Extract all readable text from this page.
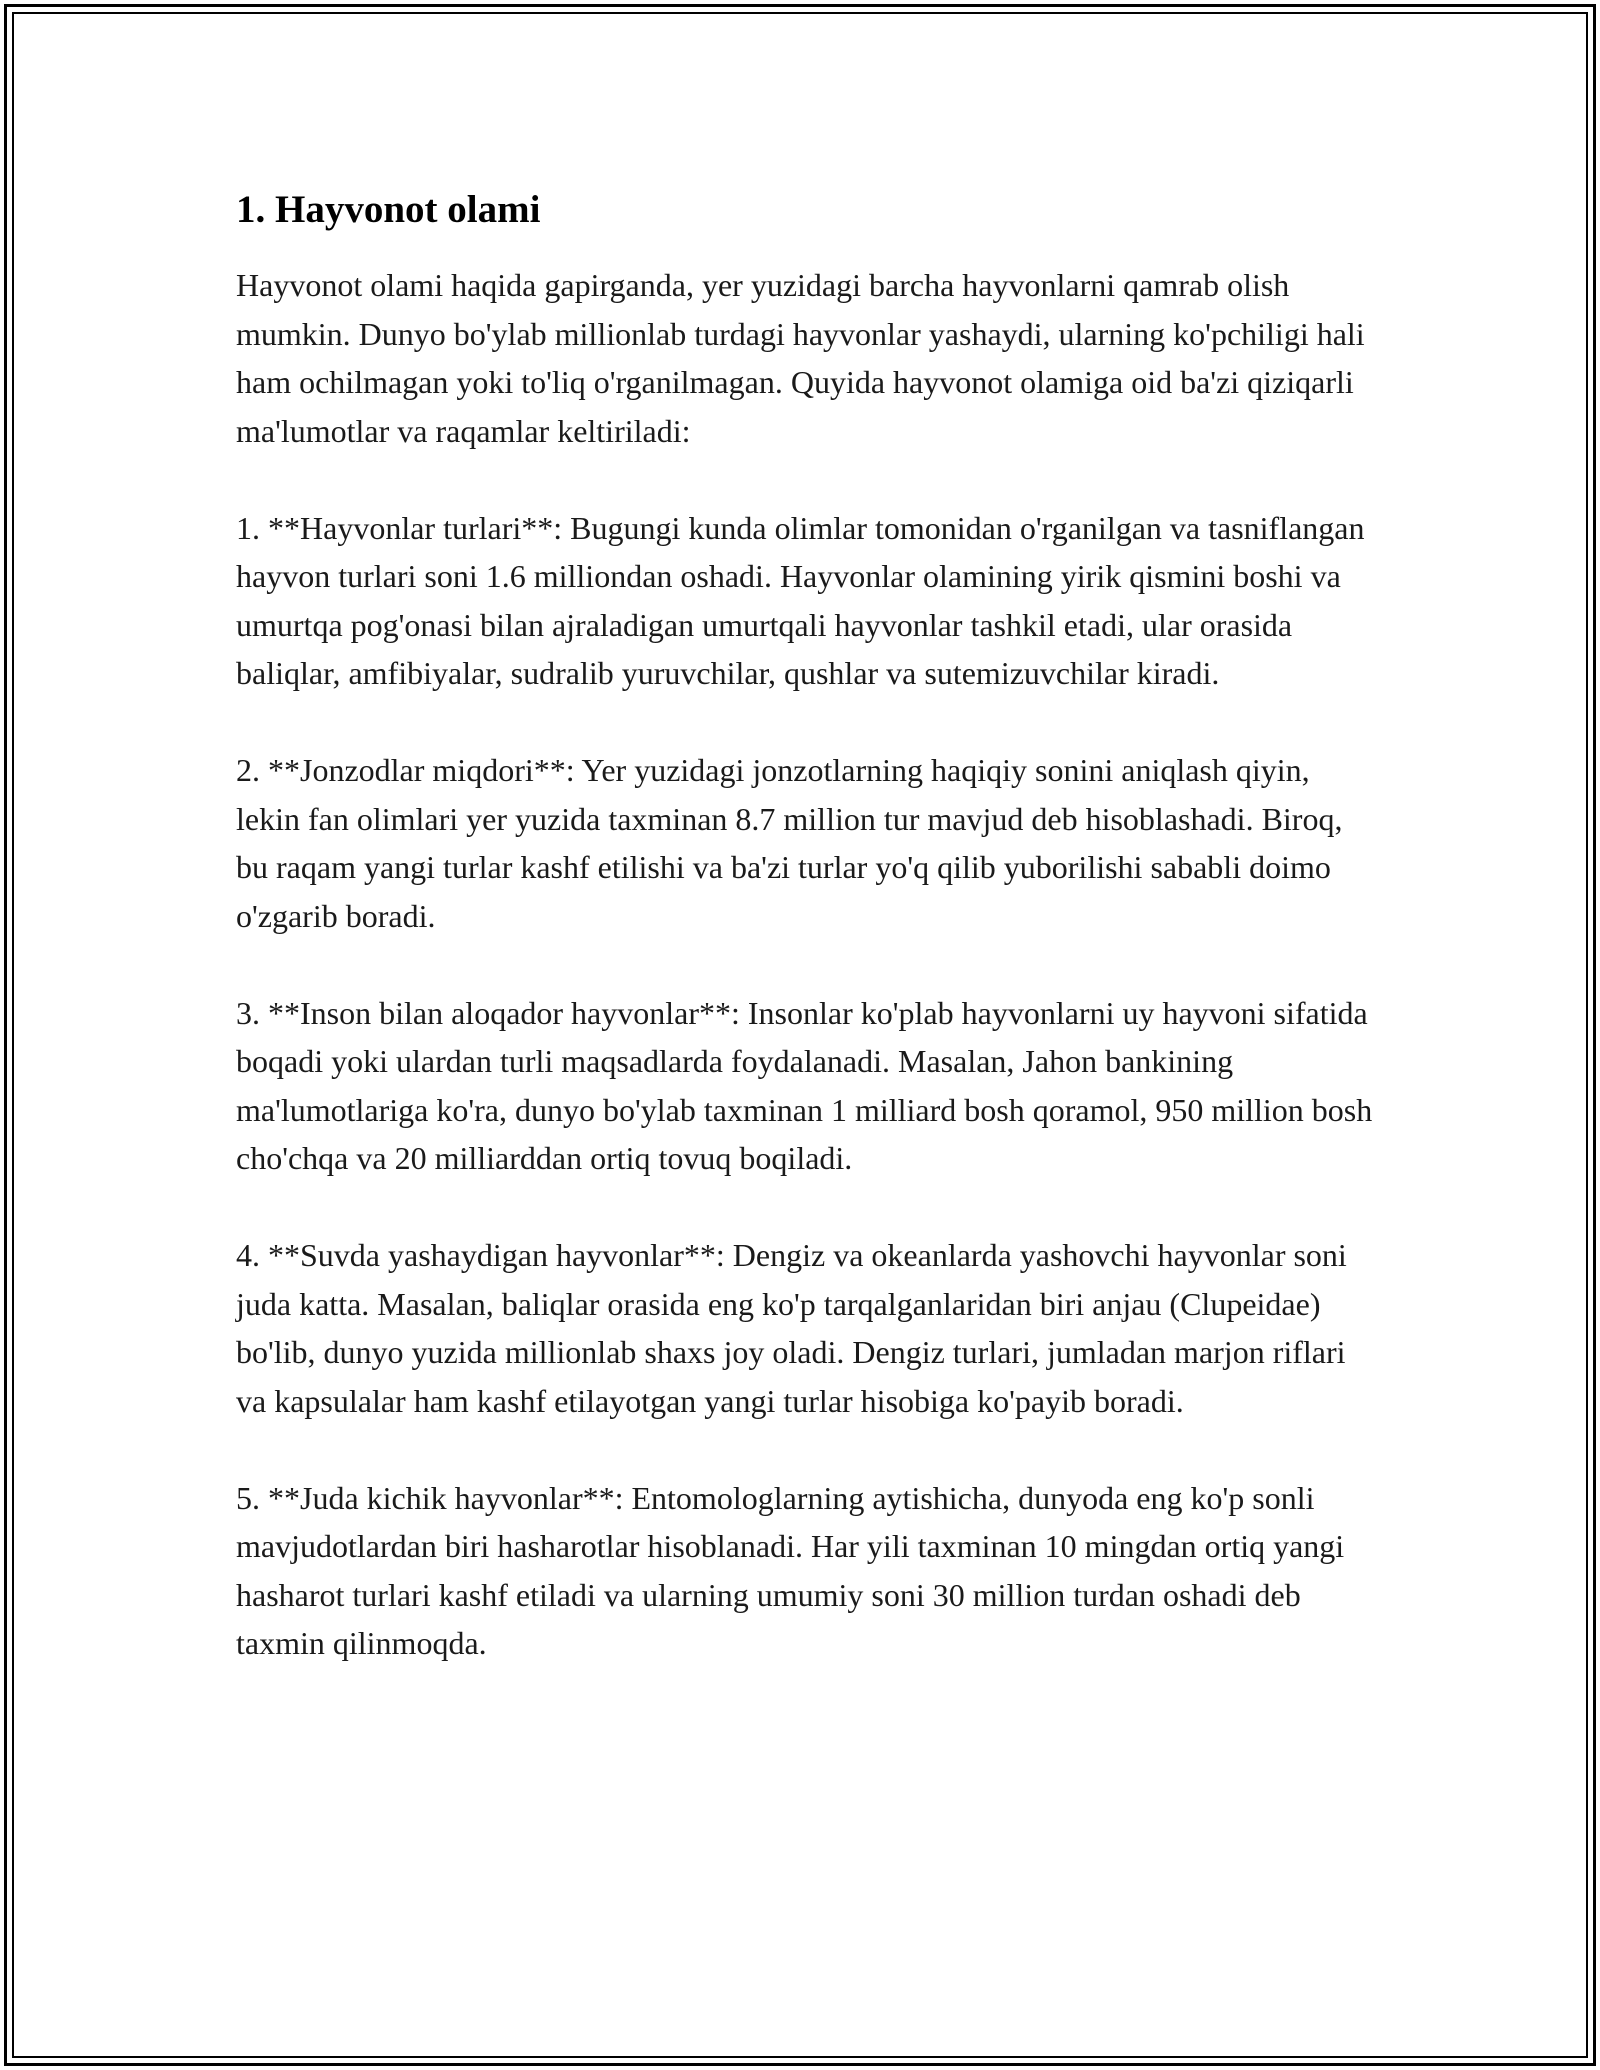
1. Hayvonot olami

Hayvonot olami haqida gapirganda, yer yuzidagi barcha hayvonlarni qamrab olish mumkin. Dunyo bo'ylab millionlab turdagi hayvonlar yashaydi, ularning ko'pchiligi hali ham ochilmagan yoki to'liq o'rganilmagan. Quyida hayvonot olamiga oid ba'zi qiziqarli ma'lumotlar va raqamlar keltiriladi:

1. **Hayvonlar turlari**: Bugungi kunda olimlar tomonidan o'rganilgan va tasniflangan hayvon turlari soni 1.6 milliondan oshadi. Hayvonlar olamining yirik qismini boshi va umurtqa pog'onasi bilan ajraladigan umurtqali hayvonlar tashkil etadi, ular orasida baliqlar, amfibiyalar, sudralib yuruvchilar, qushlar va sutemizuvchilar kiradi.

2. **Jonzodlar miqdori**: Yer yuzidagi jonzotlarning haqiqiy sonini aniqlash qiyin, lekin fan olimlari yer yuzida taxminan 8.7 million tur mavjud deb hisoblashadi. Biroq, bu raqam yangi turlar kashf etilishi va ba'zi turlar yo'q qilib yuborilishi sababli doimo o'zgarib boradi.

3. **Inson bilan aloqador hayvonlar**: Insonlar ko'plab hayvonlarni uy hayvoni sifatida boqadi yoki ulardan turli maqsadlarda foydalanadi. Masalan, Jahon bankining ma'lumotlariga ko'ra, dunyo bo'ylab taxminan 1 milliard bosh qoramol, 950 million bosh cho'chqa va 20 milliarddan ortiq tovuq boqiladi.

4. **Suvda yashaydigan hayvonlar**: Dengiz va okeanlarda yashovchi hayvonlar soni juda katta. Masalan, baliqlar orasida eng ko'p tarqalganlaridan biri anjau (Clupeidae) bo'lib, dunyo yuzida millionlab shaxs joy oladi. Dengiz turlari, jumladan marjon riflari va kapsulalar ham kashf etilayotgan yangi turlar hisobiga ko'payib boradi.

5. **Juda kichik hayvonlar**: Entomologlarning aytishicha, dunyoda eng ko'p sonli mavjudotlardan biri hasharotlar hisoblanadi. Har yili taxminan 10 mingdan ortiq yangi hasharot turlari kashf etiladi va ularning umumiy soni 30 million turdan oshadi deb taxmin qilinmoqda.
